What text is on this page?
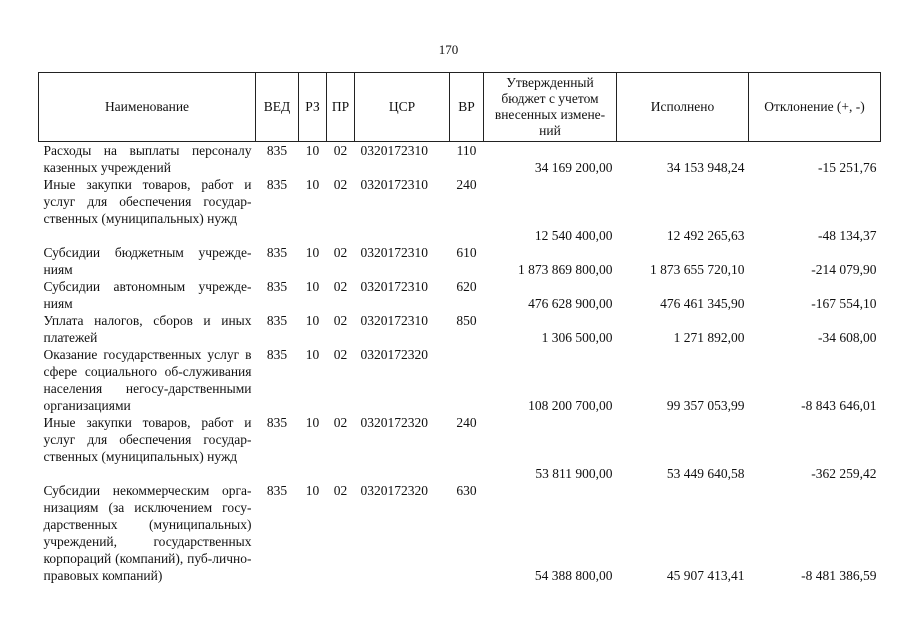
170
Наименование	ВЕД	РЗ	ПР	ЦСР	ВР	Утвержденный бюджет с учетом внесенных измене-ний	Исполнено	Отклонение (+, -)
Расходы на выплаты персоналу казенных учреждений	835	10	02	0320172310	110	34 169 200,00	34 153 948,24	-15 251,76
Иные закупки товаров, работ и услуг для обеспечения государ-ственных (муниципальных) нужд	835	10	02	0320172310	240	12 540 400,00	12 492 265,63	-48 134,37
Субсидии бюджетным учрежде-ниям	835	10	02	0320172310	610	1 873 869 800,00	1 873 655 720,10	-214 079,90
Субсидии автономным учрежде-ниям	835	10	02	0320172310	620	476 628 900,00	476 461 345,90	-167 554,10
Уплата налогов, сборов и иных платежей	835	10	02	0320172310	850	1 306 500,00	1 271 892,00	-34 608,00
Оказание государственных услуг в сфере социального об-служивания населения негосу-дарственными организациями	835	10	02	0320172320		108 200 700,00	99 357 053,99	-8 843 646,01
Иные закупки товаров, работ и услуг для обеспечения государ-ственных (муниципальных) нужд	835	10	02	0320172320	240	53 811 900,00	53 449 640,58	-362 259,42
Субсидии некоммерческим орга-низациям (за исключением госу-дарственных (муниципальных) учреждений, государственных корпораций (компаний), пуб-лично-правовых компаний)	835	10	02	0320172320	630	54 388 800,00	45 907 413,41	-8 481 386,59
